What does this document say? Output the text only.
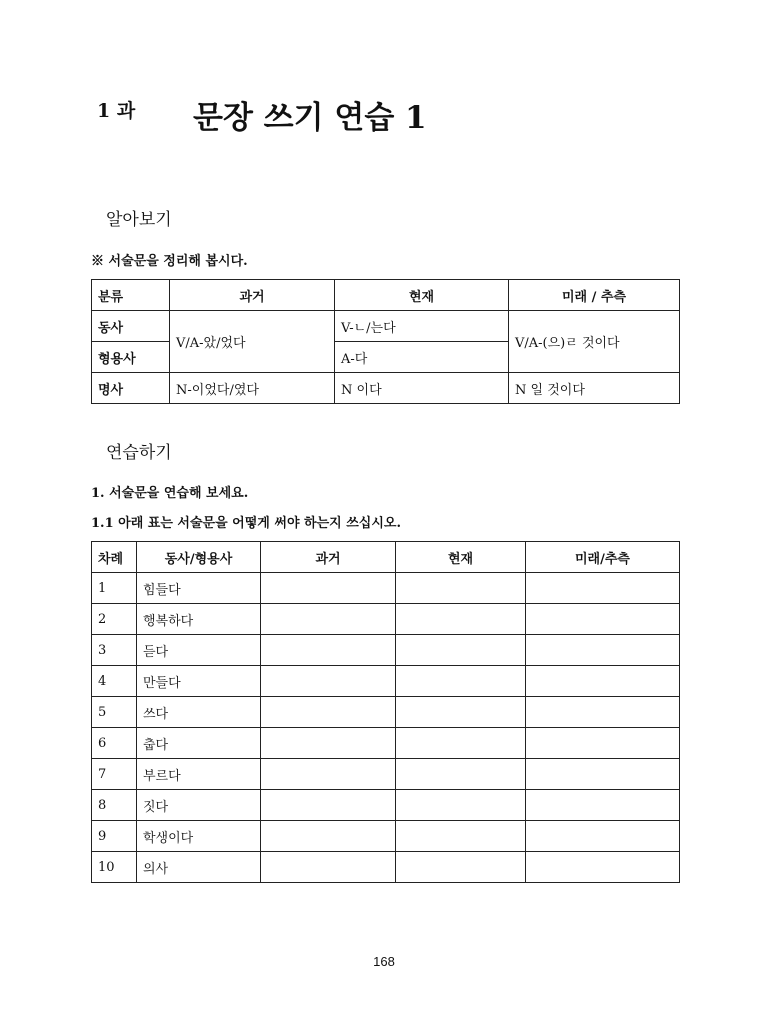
1 과 문장 쓰기 연습 1
알아보기
※ 서술문을 정리해 봅시다.
분류	과거	현재	미래 / 추측
동사	V/A-았/었다	V-ㄴ/는다	V/A-(으)ㄹ 것이다
형용사		A-다	
명사	N-이었다/였다	N 이다	N 일 것이다
연습하기
1. 서술문을 연습해 보세요.
1.1 아래 표는 서술문을 어떻게 써야 하는지 쓰십시오.
차례	동사/형용사	과거	현재	미래/추측
1	힘들다			
2	행복하다			
3	듣다			
4	만들다			
5	쓰다			
6	춥다			
7	부르다			
8	짓다			
9	학생이다			
10	의사			
168
